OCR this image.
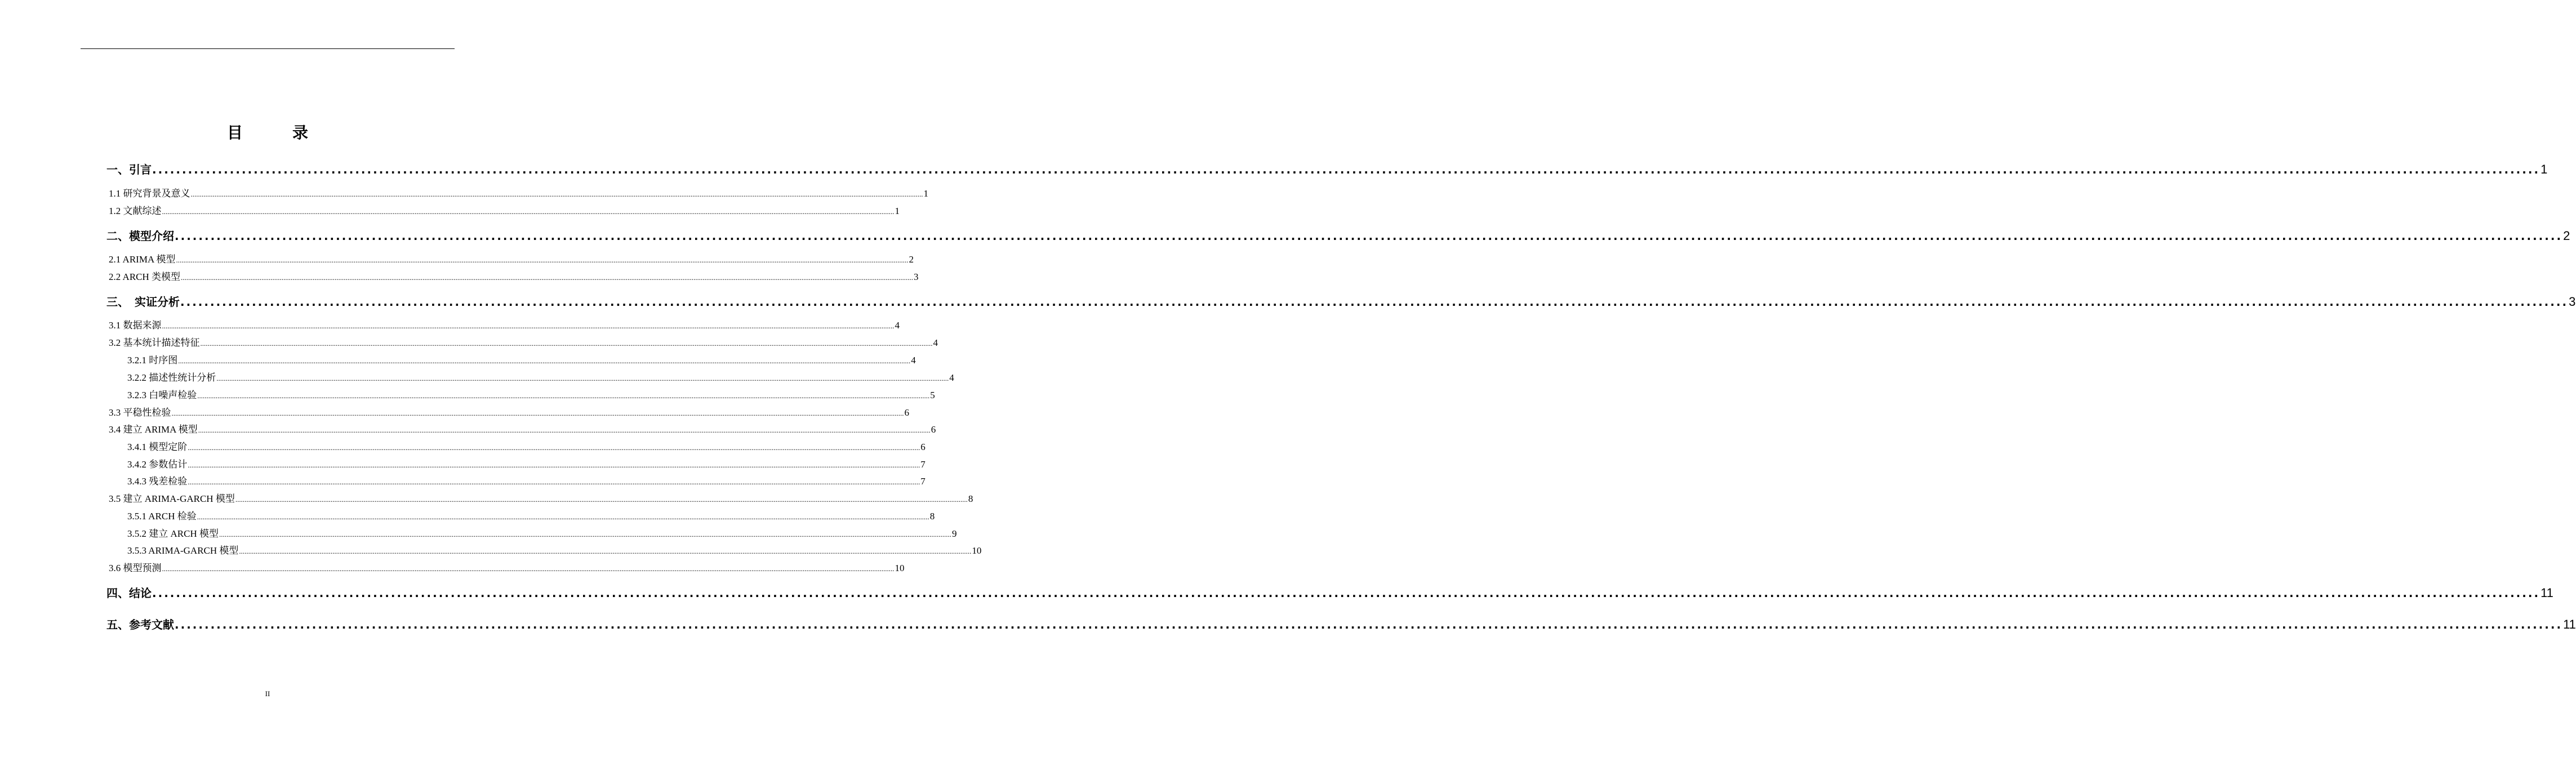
目　录
一、引言 ................................................................................................................................................................................................................................................................................................................................................................................................................ 1
1.1 研究背景及意义 ................................................................................................................................................................................................................................................................................................................................................................................................................ 1
1.2 文献综述 ................................................................................................................................................................................................................................................................................................................................................................................................................ 1
二、模型介绍 ................................................................................................................................................................................................................................................................................................................................................................................................................ 2
2.1 ARIMA 模型 ................................................................................................................................................................................................................................................................................................................................................................................................................ 2
2.2 ARCH 类模型 ................................................................................................................................................................................................................................................................................................................................................................................................................ 3
三、　实证分析 ................................................................................................................................................................................................................................................................................................................................................................................................................ 3
3.1 数据来源 ................................................................................................................................................................................................................................................................................................................................................................................................................ 4
3.2 基本统计描述特征 ................................................................................................................................................................................................................................................................................................................................................................................................................ 4
3.2.1 时序图 ................................................................................................................................................................................................................................................................................................................................................................................................................ 4
3.2.2 描述性统计分析 ................................................................................................................................................................................................................................................................................................................................................................................................................ 4
3.2.3 白噪声检验 ................................................................................................................................................................................................................................................................................................................................................................................................................ 5
3.3 平稳性检验 ................................................................................................................................................................................................................................................................................................................................................................................................................ 6
3.4 建立 ARIMA 模型 ................................................................................................................................................................................................................................................................................................................................................................................................................ 6
3.4.1 模型定阶 ................................................................................................................................................................................................................................................................................................................................................................................................................ 6
3.4.2 参数估计 ................................................................................................................................................................................................................................................................................................................................................................................................................ 7
3.4.3 残差检验 ................................................................................................................................................................................................................................................................................................................................................................................................................ 7
3.5 建立 ARIMA-GARCH 模型 ................................................................................................................................................................................................................................................................................................................................................................................................................ 8
3.5.1 ARCH 检验 ................................................................................................................................................................................................................................................................................................................................................................................................................ 8
3.5.2 建立 ARCH 模型 ................................................................................................................................................................................................................................................................................................................................................................................................................ 9
3.5.3 ARIMA-GARCH 模型 ................................................................................................................................................................................................................................................................................................................................................................................................................ 10
3.6 模型预测 ................................................................................................................................................................................................................................................................................................................................................................................................................ 10
四、结论 ................................................................................................................................................................................................................................................................................................................................................................................................................ 11
五、参考文献 ................................................................................................................................................................................................................................................................................................................................................................................................................ 11
II
